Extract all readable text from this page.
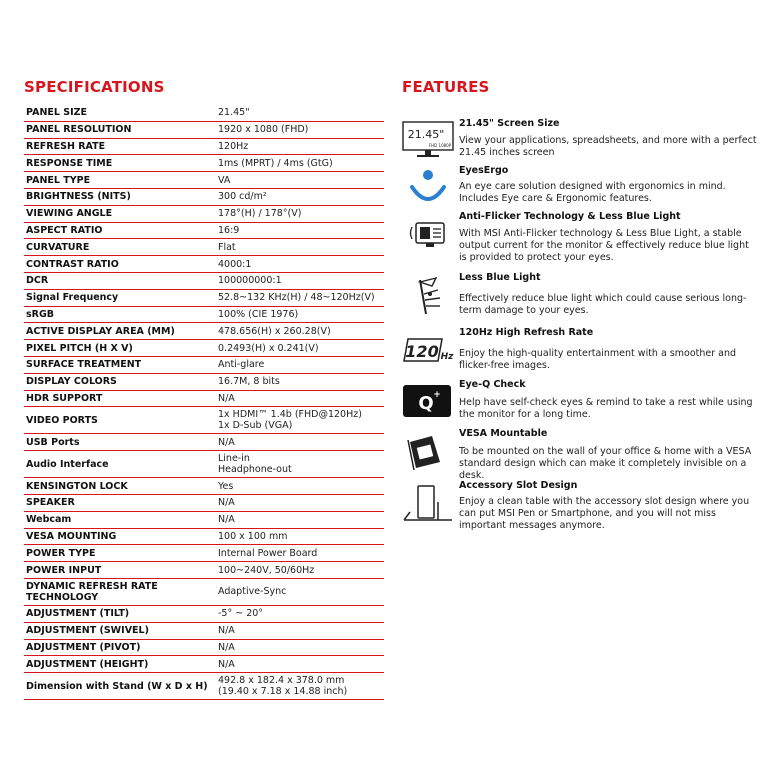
SPECIFICATIONS	FEATURES
PANEL SIZE	21.45"
PANEL RESOLUTION	1920 x 1080 (FHD)
REFRESH RATE	120Hz
RESPONSE TIME	1ms (MPRT) / 4ms (GtG)
PANEL TYPE	VA
BRIGHTNESS (NITS)	300 cd/m²
VIEWING ANGLE	178°(H) / 178°(V)
ASPECT RATIO	16:9
CURVATURE	Flat
CONTRAST RATIO	4000:1
DCR	100000000:1
Signal Frequency	52.8~132 KHz(H) / 48~120Hz(V)
sRGB	100% (CIE 1976)
ACTIVE DISPLAY AREA (MM)	478.656(H) x 260.28(V)
PIXEL PITCH (H X V)	0.2493(H) x 0.241(V)
SURFACE TREATMENT	Anti-glare
DISPLAY COLORS	16.7M, 8 bits
HDR SUPPORT	N/A
VIDEO PORTS	1x HDMI™ 1.4b (FHD@120Hz)
1x D-Sub (VGA)
USB Ports	N/A
Audio Interface	Line-in
Headphone-out
KENSINGTON LOCK	Yes
SPEAKER	N/A
Webcam	N/A
VESA MOUNTING	100 x 100 mm
POWER TYPE	Internal Power Board
POWER INPUT	100~240V, 50/60Hz
DYNAMIC REFRESH RATE TECHNOLOGY	Adaptive-Sync
ADJUSTMENT (TILT)	-5° ~ 20°
ADJUSTMENT (SWIVEL)	N/A
ADJUSTMENT (PIVOT)	N/A
ADJUSTMENT (HEIGHT)	N/A
Dimension with Stand (W x D x H)	492.8 x 182.4 x 378.0 mm
(19.40 x 7.18 x 14.88 inch)
21.45"
FHD 1080P
21.45" Screen Size
View your applications, spreadsheets, and more with a perfect 21.45 inches screen
EyesErgo
An eye care solution designed with ergonomics in mind. Includes Eye care & Ergonomic features.
Anti-Flicker Technology & Less Blue Light
With MSI Anti-Flicker technology & Less Blue Light, a stable output current for the monitor & effectively reduce blue light is provided to protect your eyes.
Less Blue Light
Effectively reduce blue light which could cause serious long-term damage to your eyes.
120 Hz
120Hz High Refresh Rate
Enjoy the high-quality entertainment with a smoother and flicker-free images.
Q +
Eye-Q Check
Help have self-check eyes & remind to take a rest while using the monitor for a long time.
VESA Mountable
To be mounted on the wall of your office & home with a VESA standard design which can make it completely invisible on a desk.
Accessory Slot Design
Enjoy a clean table with the accessory slot design where you can put MSI Pen or Smartphone, and you will not miss important messages anymore.
